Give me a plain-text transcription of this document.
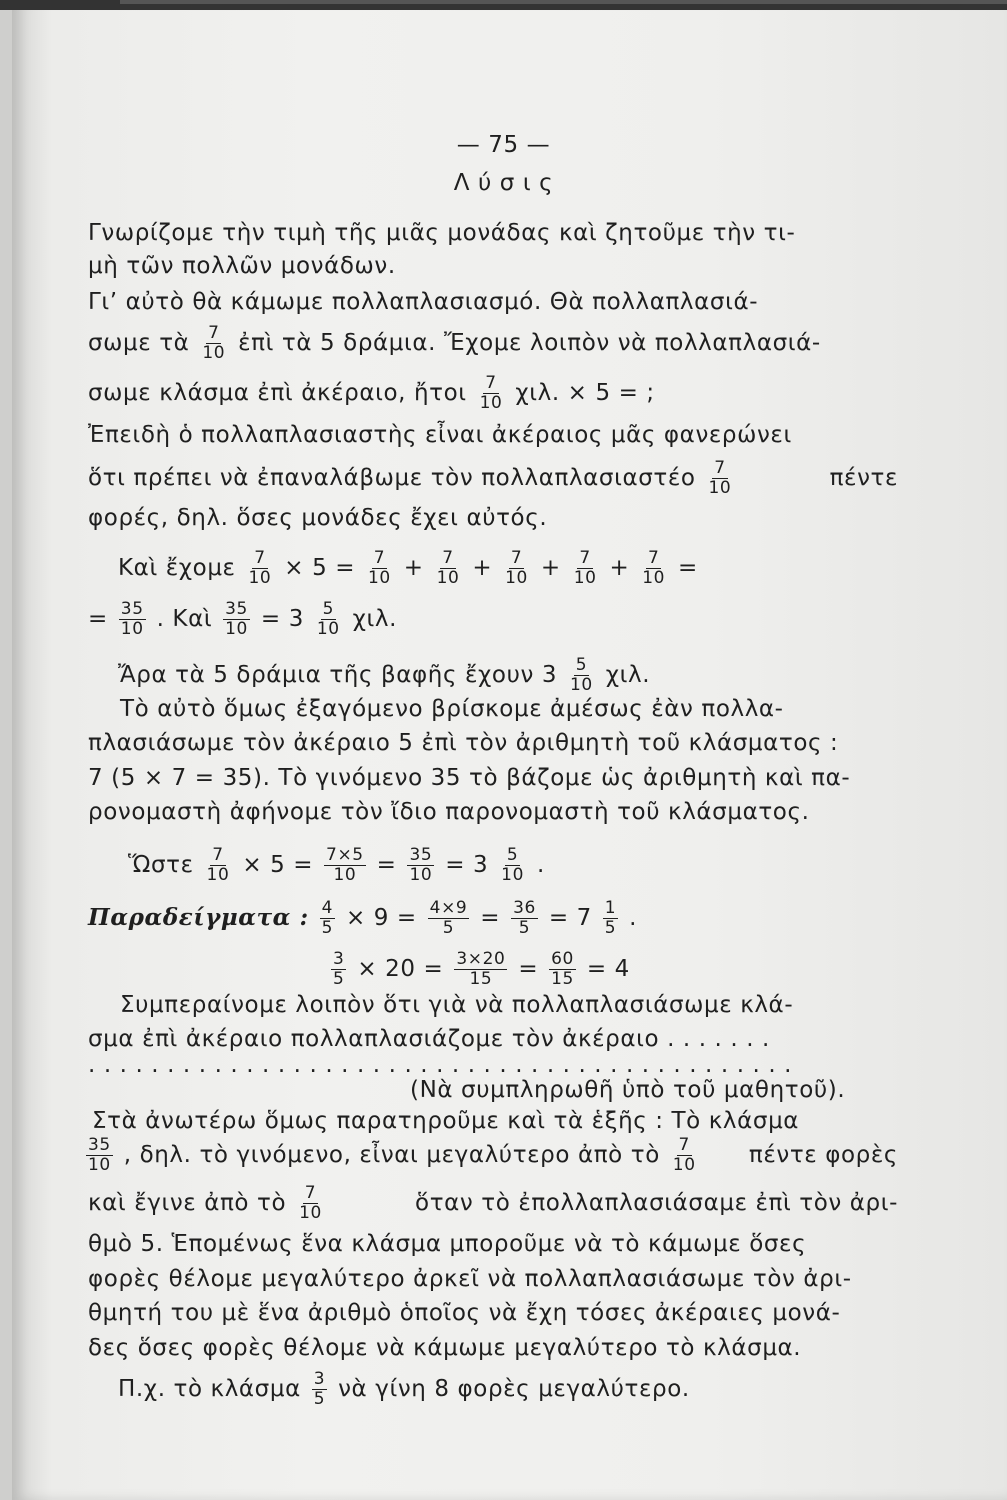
— 75 —
Λ ύ σ ι ς
Γνωρίζομε τὴν τιμὴ τῆς μιᾶς μονάδας καὶ ζητοῦμε τὴν τι-
μὴ τῶν πολλῶν μονάδων.
Γι’ αὐτὸ θὰ κάμωμε πολλαπλασιασμό. Θὰ πολλαπλασιά-
σωμε τὰ $\frac{7}{10}$ ἐπὶ τὰ 5 δράμια. Ἔχομε λοιπὸν νὰ πολλαπλασιά-
σωμε κλάσμα ἐπὶ ἀκέραιο, ἤτοι $\frac{7}{10} \chi\iota\lambda$. × 5 = ;
Ἐπειδὴ ὁ πολλαπλασιαστὴς εἶναι ἀκέραιος μᾶς φανερώνει
ὅτι πρέπει νὰ ἐπαναλάβωμε τὸν πολλαπλασιαστέο $\frac{7}{10}$	πέντε
φορές, δηλ. ὅσες μονάδες ἔχει αὐτός.
Καὶ ἔχομε $\frac{7}{10} \times 5 = \frac{7}{10} + \frac{7}{10} + \frac{7}{10} + \frac{7}{10} + \frac{7}{10}$ =
= $\frac{35}{10}$ . Καὶ $\frac{35}{10} = 3 \frac{5}{10} \chi\iota\lambda$.
Ἄρα τὰ 5 δράμια τῆς βαφῆς ἔχουν $3 \frac{5}{10} \chi\iota\lambda$.
Τὸ αὐτὸ ὅμως ἐξαγόμενο βρίσκομε ἀμέσως ἐὰν πολλα-
πλασιάσωμε τὸν ἀκέραιο 5 ἐπὶ τὸν ἀριθμητὴ τοῦ κλάσματος :
7 (5 × 7 = 35). Τὸ γινόμενο 35 τὸ βάζομε ὡς ἀριθμητὴ καὶ πα-
ρονομαστὴ ἀφήνομε τὸν ἴδιο παρονομαστὴ τοῦ κλάσματος.
Ὥστε $\frac{7}{10} \times 5 = \frac{7\times 5}{10} = \frac{35}{10} = 3 \frac{5}{10}$ .
Παραδείγματα : $\frac{4}{5} \times 9 = \frac{4\times 9}{5} = \frac{36}{5} = 7 \frac{1}{5}$ .
$\frac{3}{5} \times 20 = \frac{3\times 20}{15} = \frac{60}{15} = 4$
Συμπεραίνομε λοιπὸν ὅτι γιὰ νὰ πολλαπλασιάσωμε κλά-
σμα ἐπὶ ἀκέραιο πολλαπλασιάζομε τὸν ἀκέραιο . . . . . . .
. . . . . . . . . . . . . . . . . . . . . . . . . . . . . . . . . . . . . . . . . . . . .
(Νὰ συμπληρωθῆ ὑπὸ τοῦ μαθητοῦ).
Στὰ ἀνωτέρω ὅμως παρατηροῦμε καὶ τὰ ἑξῆς : Τὸ κλάσμα
$\frac{35}{10}$ , δηλ. τὸ γινόμενο, εἶναι μεγαλύτερο ἀπὸ τὸ $\frac{7}{10}$ πέντε φορὲς
καὶ ἔγινε ἀπὸ τὸ $\frac{7}{10}$	ὅταν τὸ ἐπολλαπλασιάσαμε ἐπὶ τὸν ἀρι-
θμὸ 5. Ἑπομένως ἕνα κλάσμα μποροῦμε νὰ τὸ κάμωμε ὅσες
φορὲς θέλομε μεγαλύτερο ἀρκεῖ νὰ πολλαπλασιάσωμε τὸν ἀρι-
θμητή του μὲ ἕνα ἀριθμὸ ὁποῖος νὰ ἔχη τόσες ἀκέραιες μονά-
δες ὅσες φορὲς θέλομε νὰ κάμωμε μεγαλύτερο τὸ κλάσμα.
Π.χ. τὸ κλάσμα $\frac{3}{5}$ νὰ γίνη 8 φορὲς μεγαλύτερο.
